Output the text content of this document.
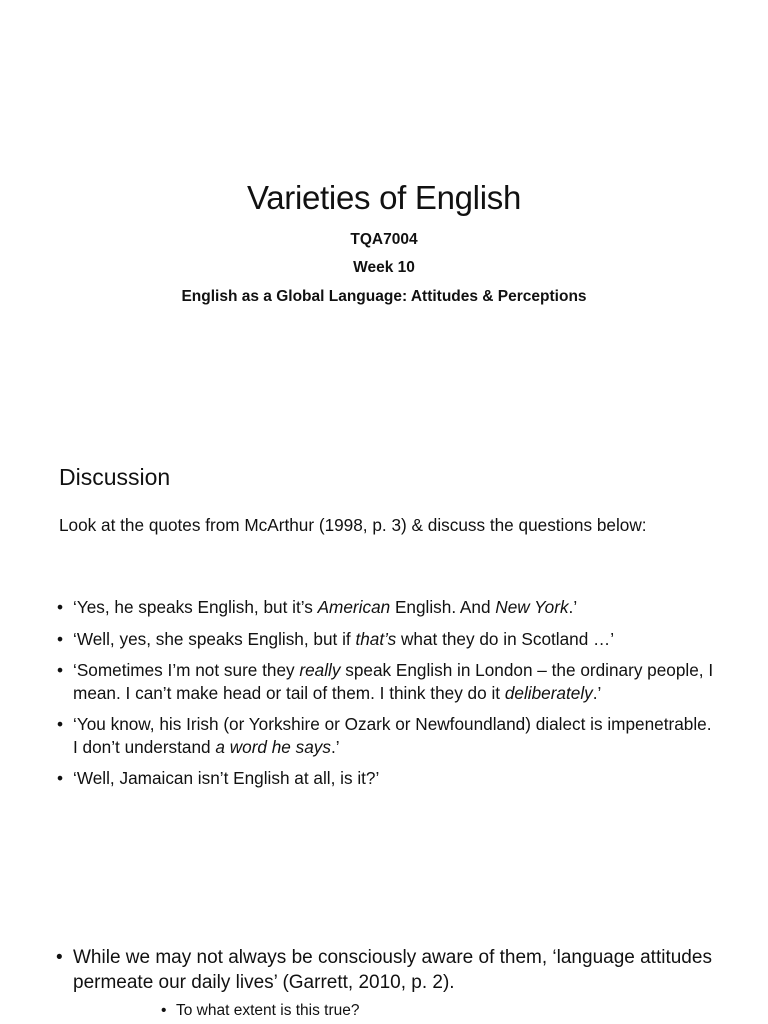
Varieties of English

TQA7004

Week 10

English as a Global Language: Attitudes & Perceptions

Discussion

Look at the quotes from McArthur (1998, p. 3) & discuss the questions below:

• ‘Yes, he speaks English, but it’s American English. And New York.’
• ‘Well, yes, she speaks English, but if that’s what they do in Scotland …’
• ‘Sometimes I’m not sure they really speak English in London – the ordinary people, I mean. I can’t make head or tail of them. I think they do it deliberately.’
• ‘You know, his Irish (or Yorkshire or Ozark or Newfoundland) dialect is impenetrable. I don’t understand a word he says.’
• ‘Well, Jamaican isn’t English at all, is it?’
• While we may not always be consciously aware of them, ‘language attitudes permeate our daily lives’ (Garrett, 2010, p. 2).
• To what extent is this true?
